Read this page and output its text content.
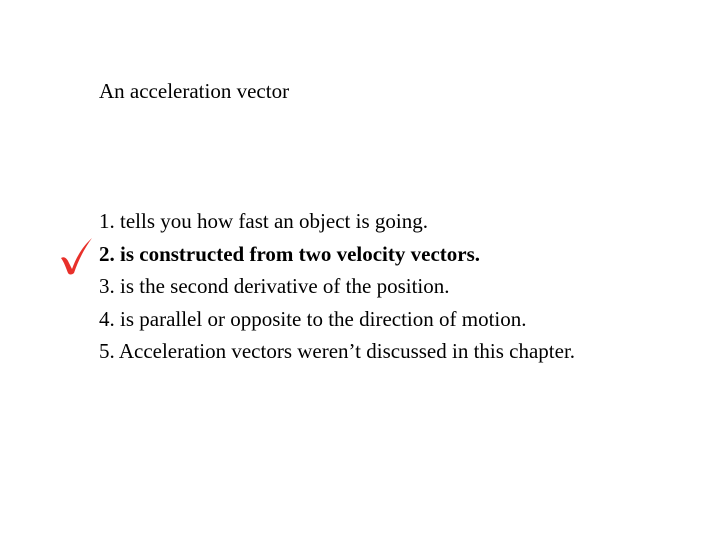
An acceleration vector
1. tells you how fast an object is going.
2. is constructed from two velocity vectors.
3. is the second derivative of the position.
4. is parallel or opposite to the direction of motion.
5. Acceleration vectors weren’t discussed in this chapter.
